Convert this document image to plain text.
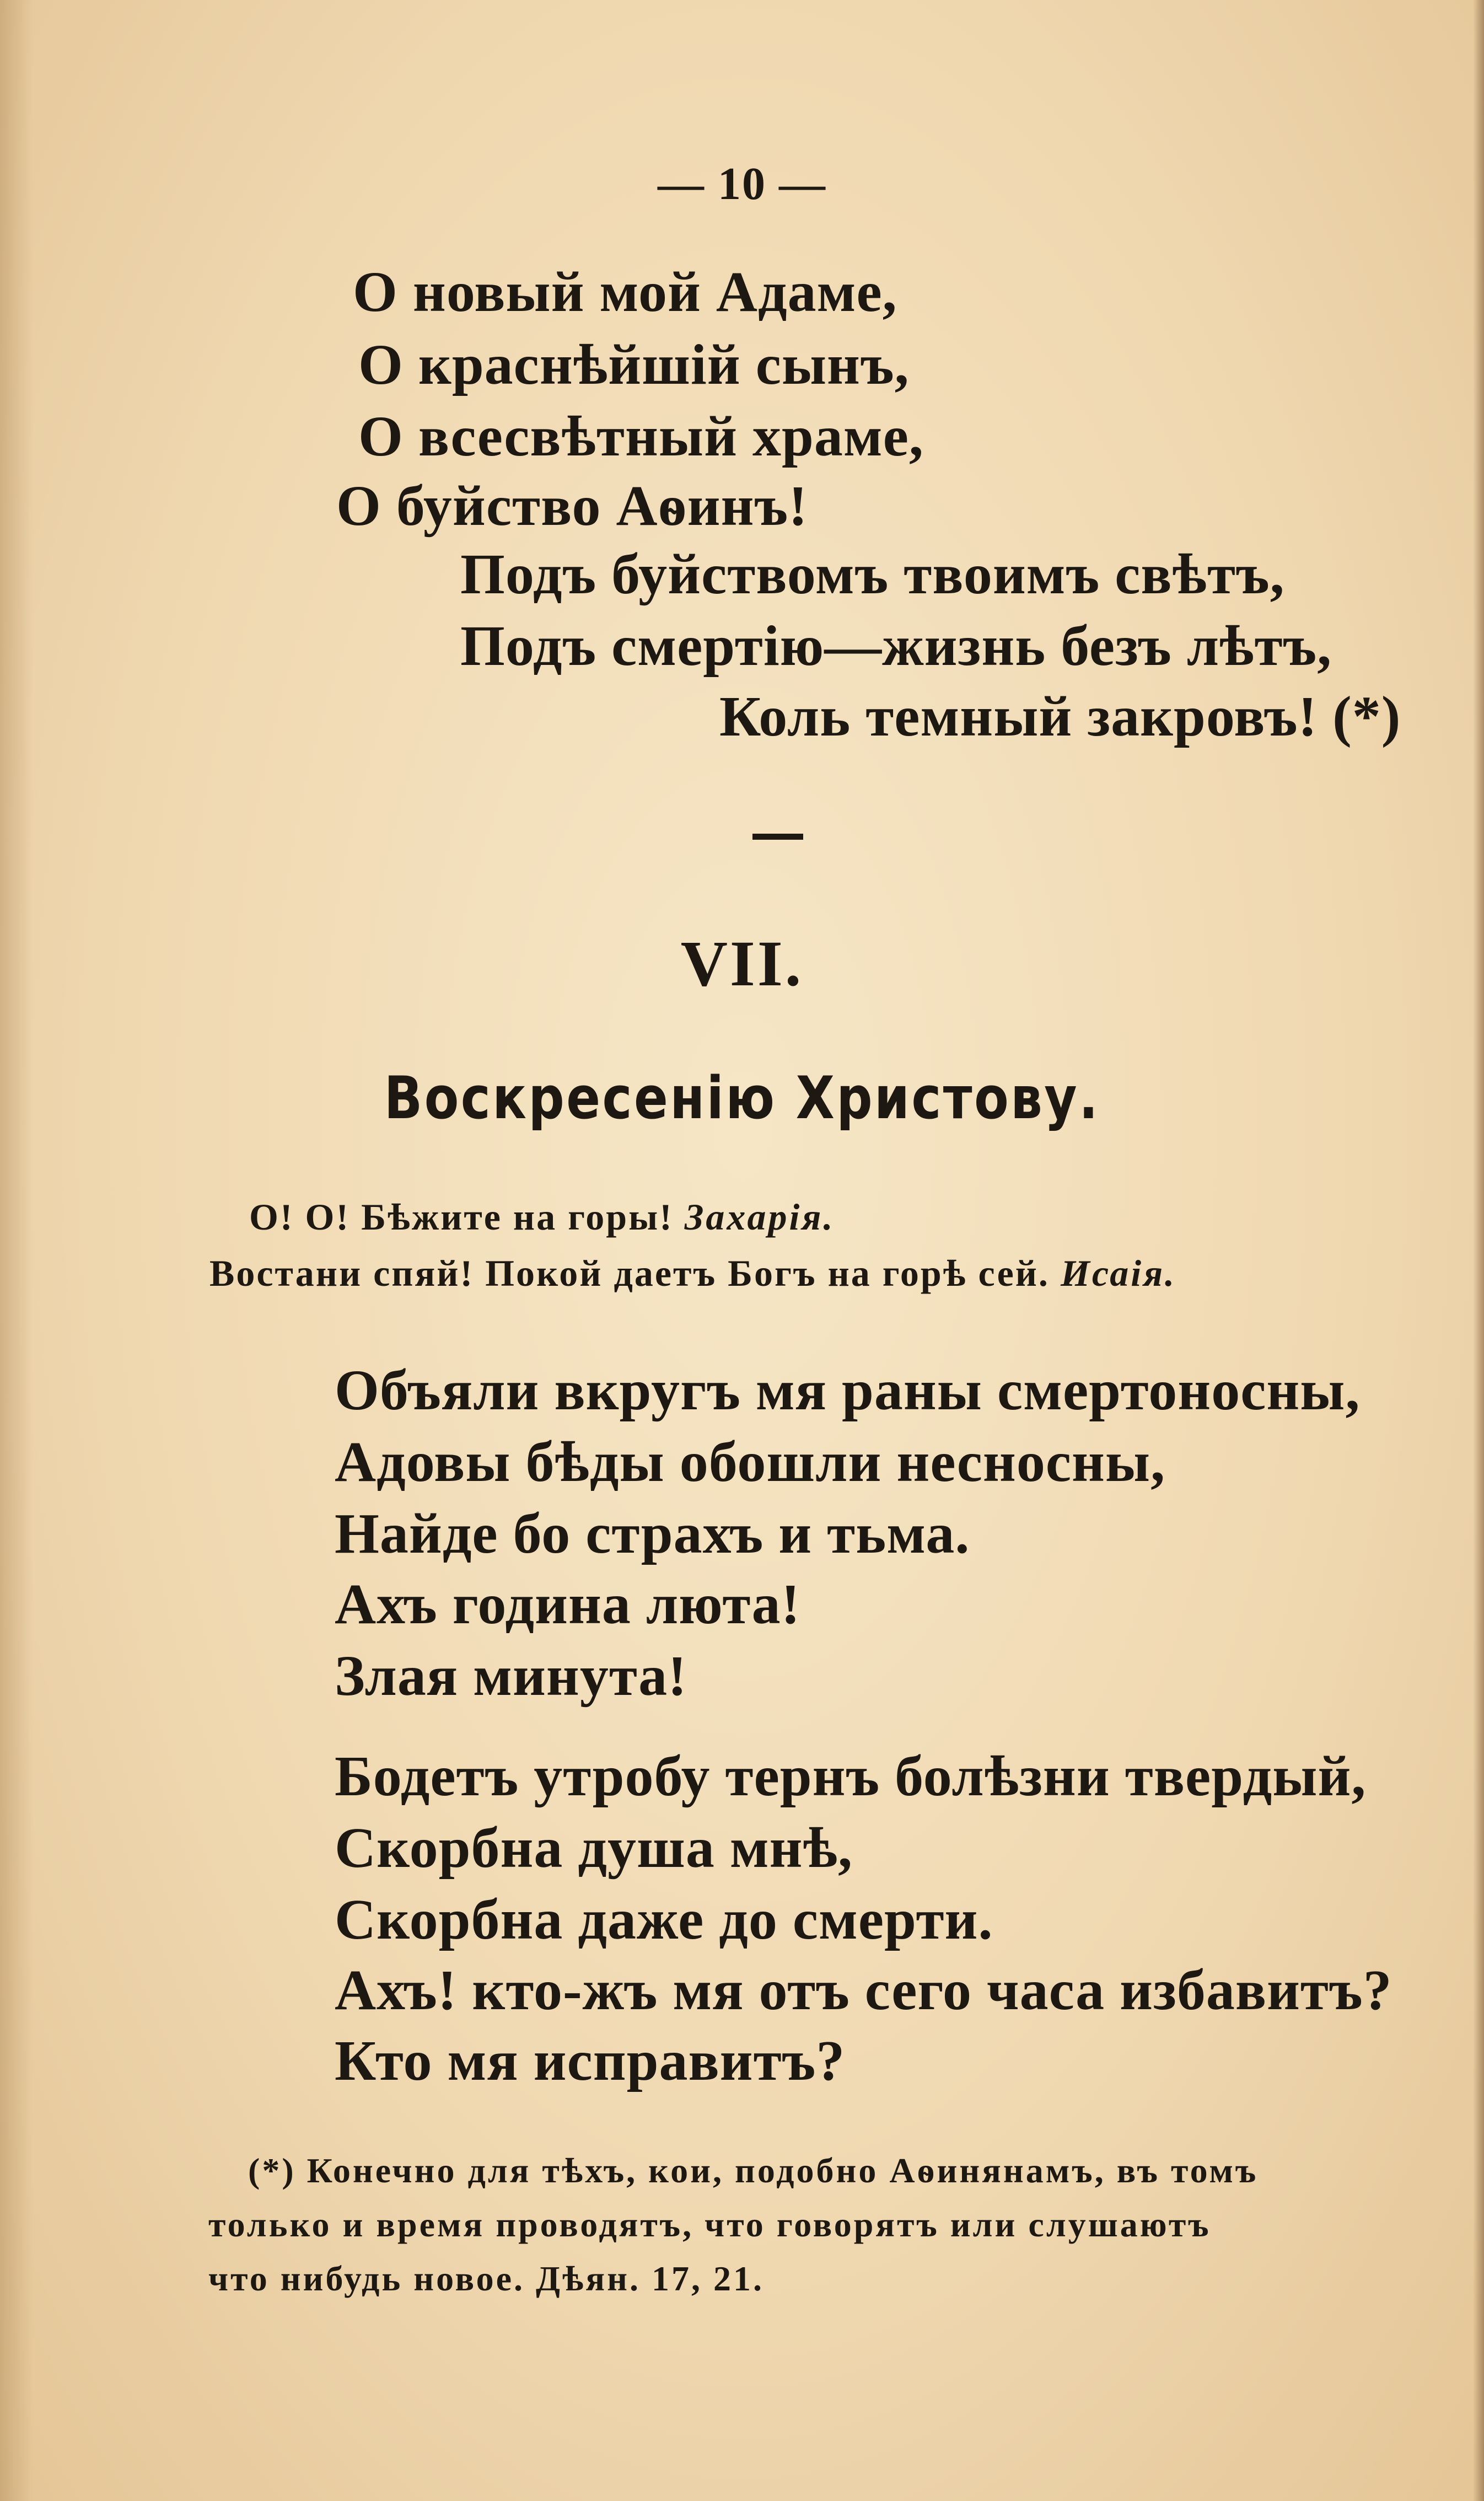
— 10 —
О новый мой Адаме,
О краснѣйшiй сынъ,
О всесвѣтный храме,
О буйство Аѳинъ!
Подъ буйствомъ твоимъ свѣтъ,
Подъ смертiю—жизнь безъ лѣтъ,
Коль темный закровъ! (*)
VII.
Воскресенiю Христову.
О! О! Бѣжите на горы! Захарiя.
Востани спяй! Покой даетъ Богъ на горѣ сей. Исаiя.
Объяли вкругъ мя раны смертоносны,
Адовы бѣды обошли несносны,
Найде бо страхъ и тьма.
Ахъ година люта!
Злая минута!
Бодетъ утробу тернъ болѣзни твердый,
Скорбна душа мнѣ,
Скорбна даже до смерти.
Ахъ! кто-жъ мя отъ сего часа избавитъ?
Кто мя исправитъ?
(*) Конечно для тѣхъ, кои, подобно Аѳинянамъ, въ томъ
только и время проводятъ, что говорятъ или слушаютъ
что нибудь новое. Дѣян. 17, 21.
